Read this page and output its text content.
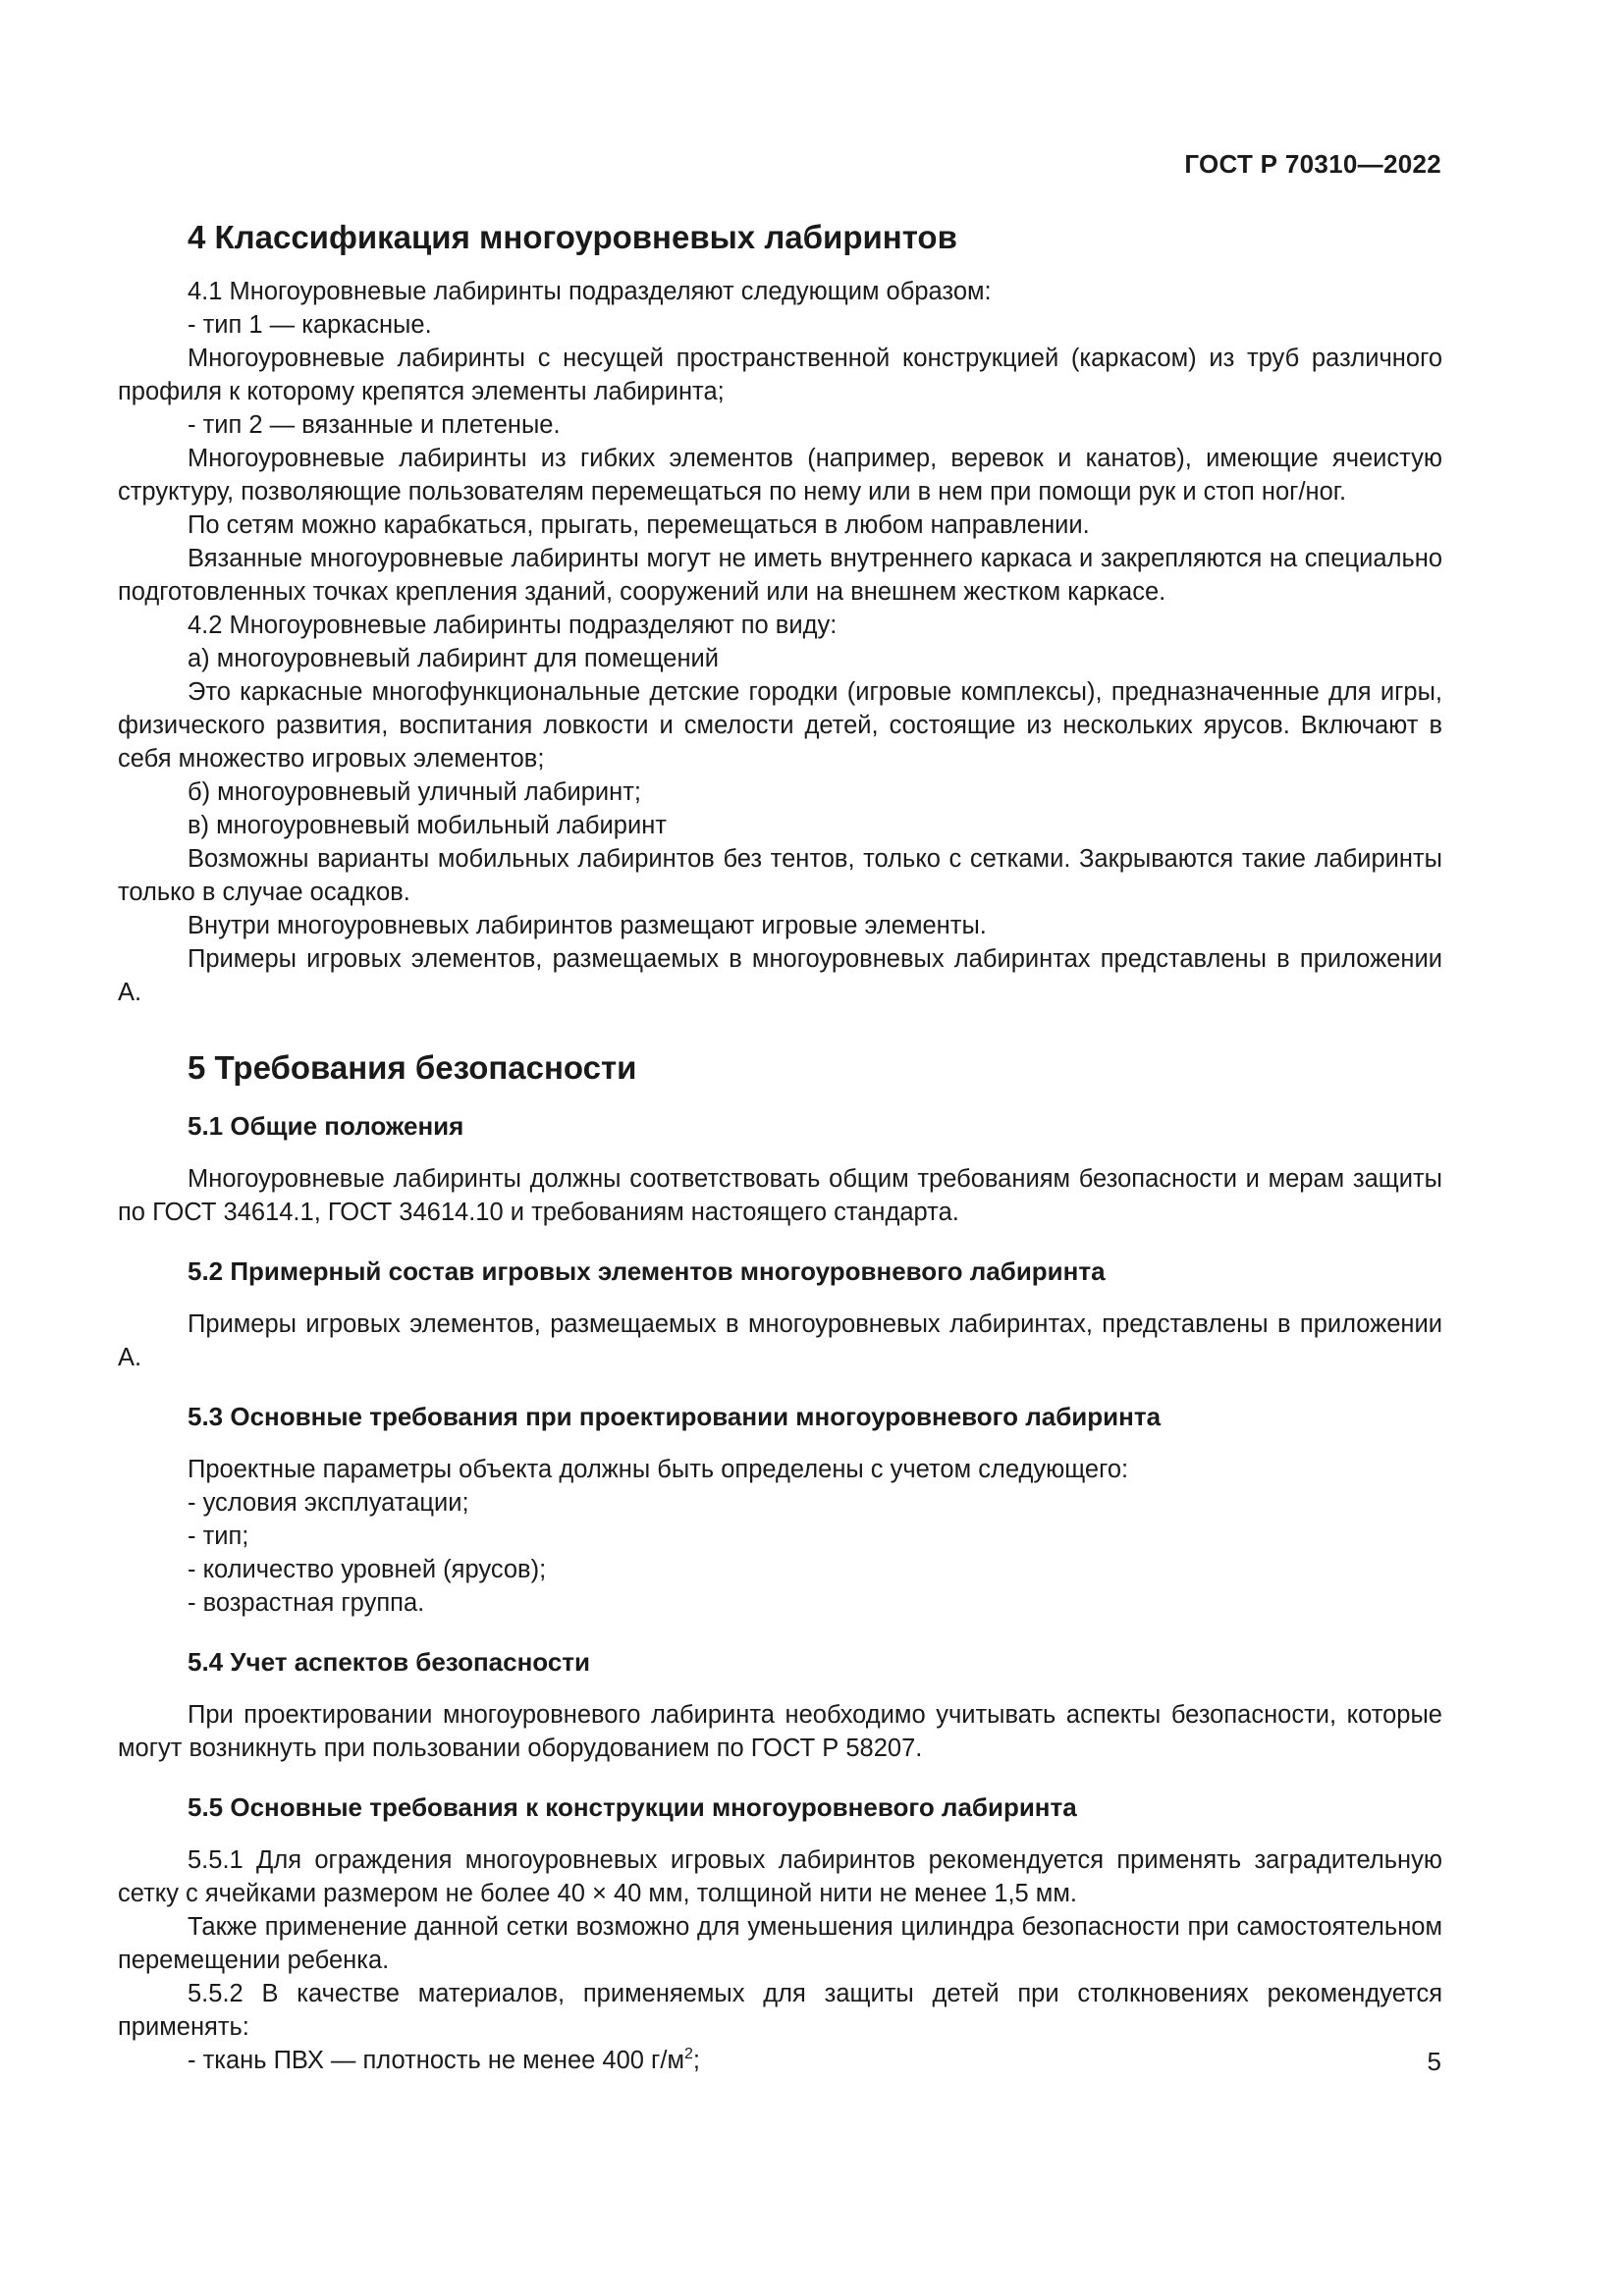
ГОСТ Р 70310—2022
4 Классификация многоуровневых лабиринтов

4.1 Многоуровневые лабиринты подразделяют следующим образом:

- тип 1 — каркасные.

Многоуровневые лабиринты с несущей пространственной конструкцией (каркасом) из труб различного профиля к которому крепятся элементы лабиринта;

- тип 2 — вязанные и плетеные.

Многоуровневые лабиринты из гибких элементов (например, веревок и канатов), имеющие ячеистую структуру, позволяющие пользователям перемещаться по нему или в нем при помощи рук и стоп ног/ног.

По сетям можно карабкаться, прыгать, перемещаться в любом направлении.

Вязанные многоуровневые лабиринты могут не иметь внутреннего каркаса и закрепляются на специально подготовленных точках крепления зданий, сооружений или на внешнем жестком каркасе.

4.2 Многоуровневые лабиринты подразделяют по виду:

а) многоуровневый лабиринт для помещений

Это каркасные многофункциональные детские городки (игровые комплексы), предназначенные для игры, физического развития, воспитания ловкости и смелости детей, состоящие из нескольких ярусов. Включают в себя множество игровых элементов;

б) многоуровневый уличный лабиринт;

в) многоуровневый мобильный лабиринт

Возможны варианты мобильных лабиринтов без тентов, только с сетками. Закрываются такие лабиринты только в случае осадков.

Внутри многоуровневых лабиринтов размещают игровые элементы.

Примеры игровых элементов, размещаемых в многоуровневых лабиринтах представлены в приложении А.

5 Требования безопасности
5.1 Общие положения

Многоуровневые лабиринты должны соответствовать общим требованиям безопасности и мерам защиты по ГОСТ 34614.1, ГОСТ 34614.10 и требованиям настоящего стандарта.

5.2 Примерный состав игровых элементов многоуровневого лабиринта

Примеры игровых элементов, размещаемых в многоуровневых лабиринтах, представлены в приложении А.

5.3 Основные требования при проектировании многоуровневого лабиринта

Проектные параметры объекта должны быть определены с учетом следующего:

- условия эксплуатации;

- тип;

- количество уровней (ярусов);

- возрастная группа.

5.4 Учет аспектов безопасности

При проектировании многоуровневого лабиринта необходимо учитывать аспекты безопасности, которые могут возникнуть при пользовании оборудованием по ГОСТ Р 58207.

5.5 Основные требования к конструкции многоуровневого лабиринта

5.5.1 Для ограждения многоуровневых игровых лабиринтов рекомендуется применять заградительную сетку с ячейками размером не более 40 × 40 мм, толщиной нити не менее 1,5 мм.

Также применение данной сетки возможно для уменьшения цилиндра безопасности при самостоятельном перемещении ребенка.

5.5.2 В качестве материалов, применяемых для защиты детей при столкновениях рекомендуется применять:

- ткань ПВХ — плотность не менее 400 $г/м^2$;	5
